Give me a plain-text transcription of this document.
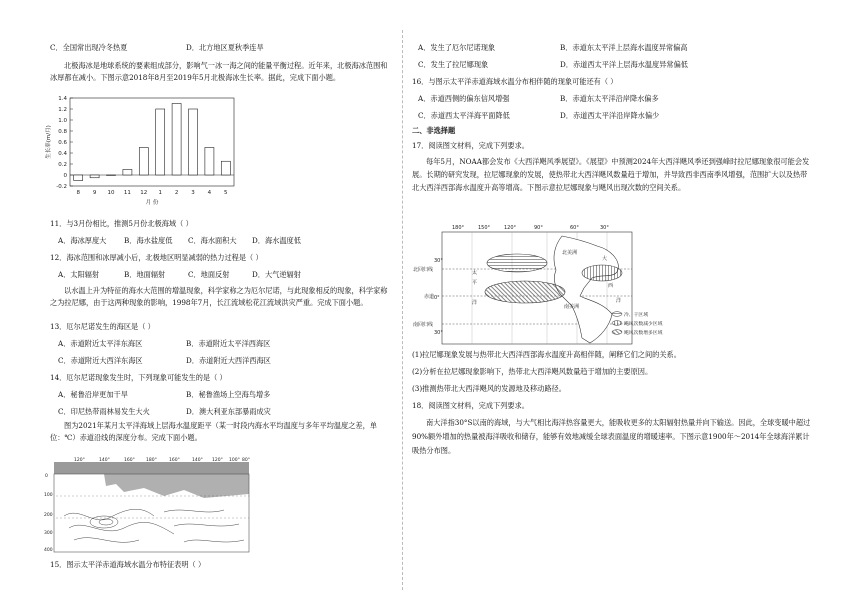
C．全国常出现冷冬热夏	D．北方地区夏秋季连旱
北极海冰是地球系统的要素组成部分，影响气一冰一海之间的能量平衡过程。近年来，北极海冰范围和冰厚都在减小。下图示意2018年8月至2019年5月北极海冰生长率。据此，完成下面小题。
1.4
1.2
1.0
0.8
0.6
0.4
0.2
0
-0.2
8 9 10 11 12 1 2 3 4 5
月 份
生长率(m/月)
11．与3月份相比，推测5月份北极海域（ ）
A．海冰厚度大 B．海水盐度低 C．海水面积大 D．海水温度低
12．海冰范围和冰厚减小后，北极地区明显减弱的热力过程是（ ）
A．太阳辐射	B．地面辐射	C．地面反射	D．大气逆辐射
以水温上升为特征的海水大范围的增温现象，科学家称之为厄尔尼诺，与此现象相反的现象，科学家称之为拉尼娜，由于这两种现象的影响，1998年7月，长江流域松花江流域洪灾严重。完成下面小题。
13．厄尔尼诺发生的海区是（ ）
A．赤道附近太平洋东海区	B．赤道附近太平洋西海区
C．赤道附近大西洋东海区	D．赤道附近大西洋西海区
14．厄尔尼诺现象发生时，下列现象可能发生的是（ ）
A．秘鲁沿岸更加干旱	B．秘鲁渔场上空海鸟增多
C．印尼热带雨林易发生大火	D．澳大利亚东部暴雨成灾
图为2021年某月太平洋海域上层海水温度距平（某一时段内海水平均温度与多年平均温度之差，单位：℃）赤道沿线的深度分布。完成下面小题。
120°	140°	160° 180°	160°	140° 120° 100° 80°
0
100
200
300
400
15．图示太平洋赤道海域水温分布特征表明（ ）
A．发生了厄尔尼诺现象	B．赤道东太平洋上层海水温度异常偏高
C．发生了拉尼娜现象	D．赤道西太平洋上层海水温度异常偏低
16．与图示太平洋赤道海域水温分布相伴随的现象可能还有（ ）
A．赤道西侧的偏东信风增强	B．赤道东太平洋沿岸降水偏多
C．赤道西太平洋海平面降低	D．赤道西太平洋沿岸降水偏少
二、非选择题
17．阅读图文材料，完成下列要求。
每年5月，NOAA都会发布《大西洋飓风季展望》。《展望》中预测2024年大西洋飓风季还到强峰时拉尼娜现象很可能会发展。长期的研究发现，拉尼娜现象的发展，使热带北大西洋飓风数量趋于增加，并导致西非西南季风增强，范围扩大以及热带北大西洋西部海水温度升高等增高。下图示意拉尼娜现象与飓风出现次数的空间关系。
180°	150°	120°	90°	60°	30°
30°
0°
30°
北回归线
赤道
南回归线
太
平
洋
大
西
洋
北美洲
南美洲
冷、干区域
飓风次数减少区域
飓风次数增多区域
(1)拉尼娜现象发展与热带北大西洋西部海水温度升高相伴随，阐释它们之间的关系。
(2)分析在拉尼娜现象影响下，热带北大西洋飓风数量趋于增加的主要原因。
(3)推测热带北大西洋飓风的发源地及移动路径。
18．阅读图文材料，完成下列要求。
南大洋指30°S以南的海域，与大气相比海洋热容量更大，能吸收更多的太阳辐射热量并向下输送。因此，全球变暖中超过90%额外增加的热量被海洋吸收和储存，能够有效地减缓全球表面温度的增暖速率。下图示意1900年～2014年全球海洋累计吸热分布图。
